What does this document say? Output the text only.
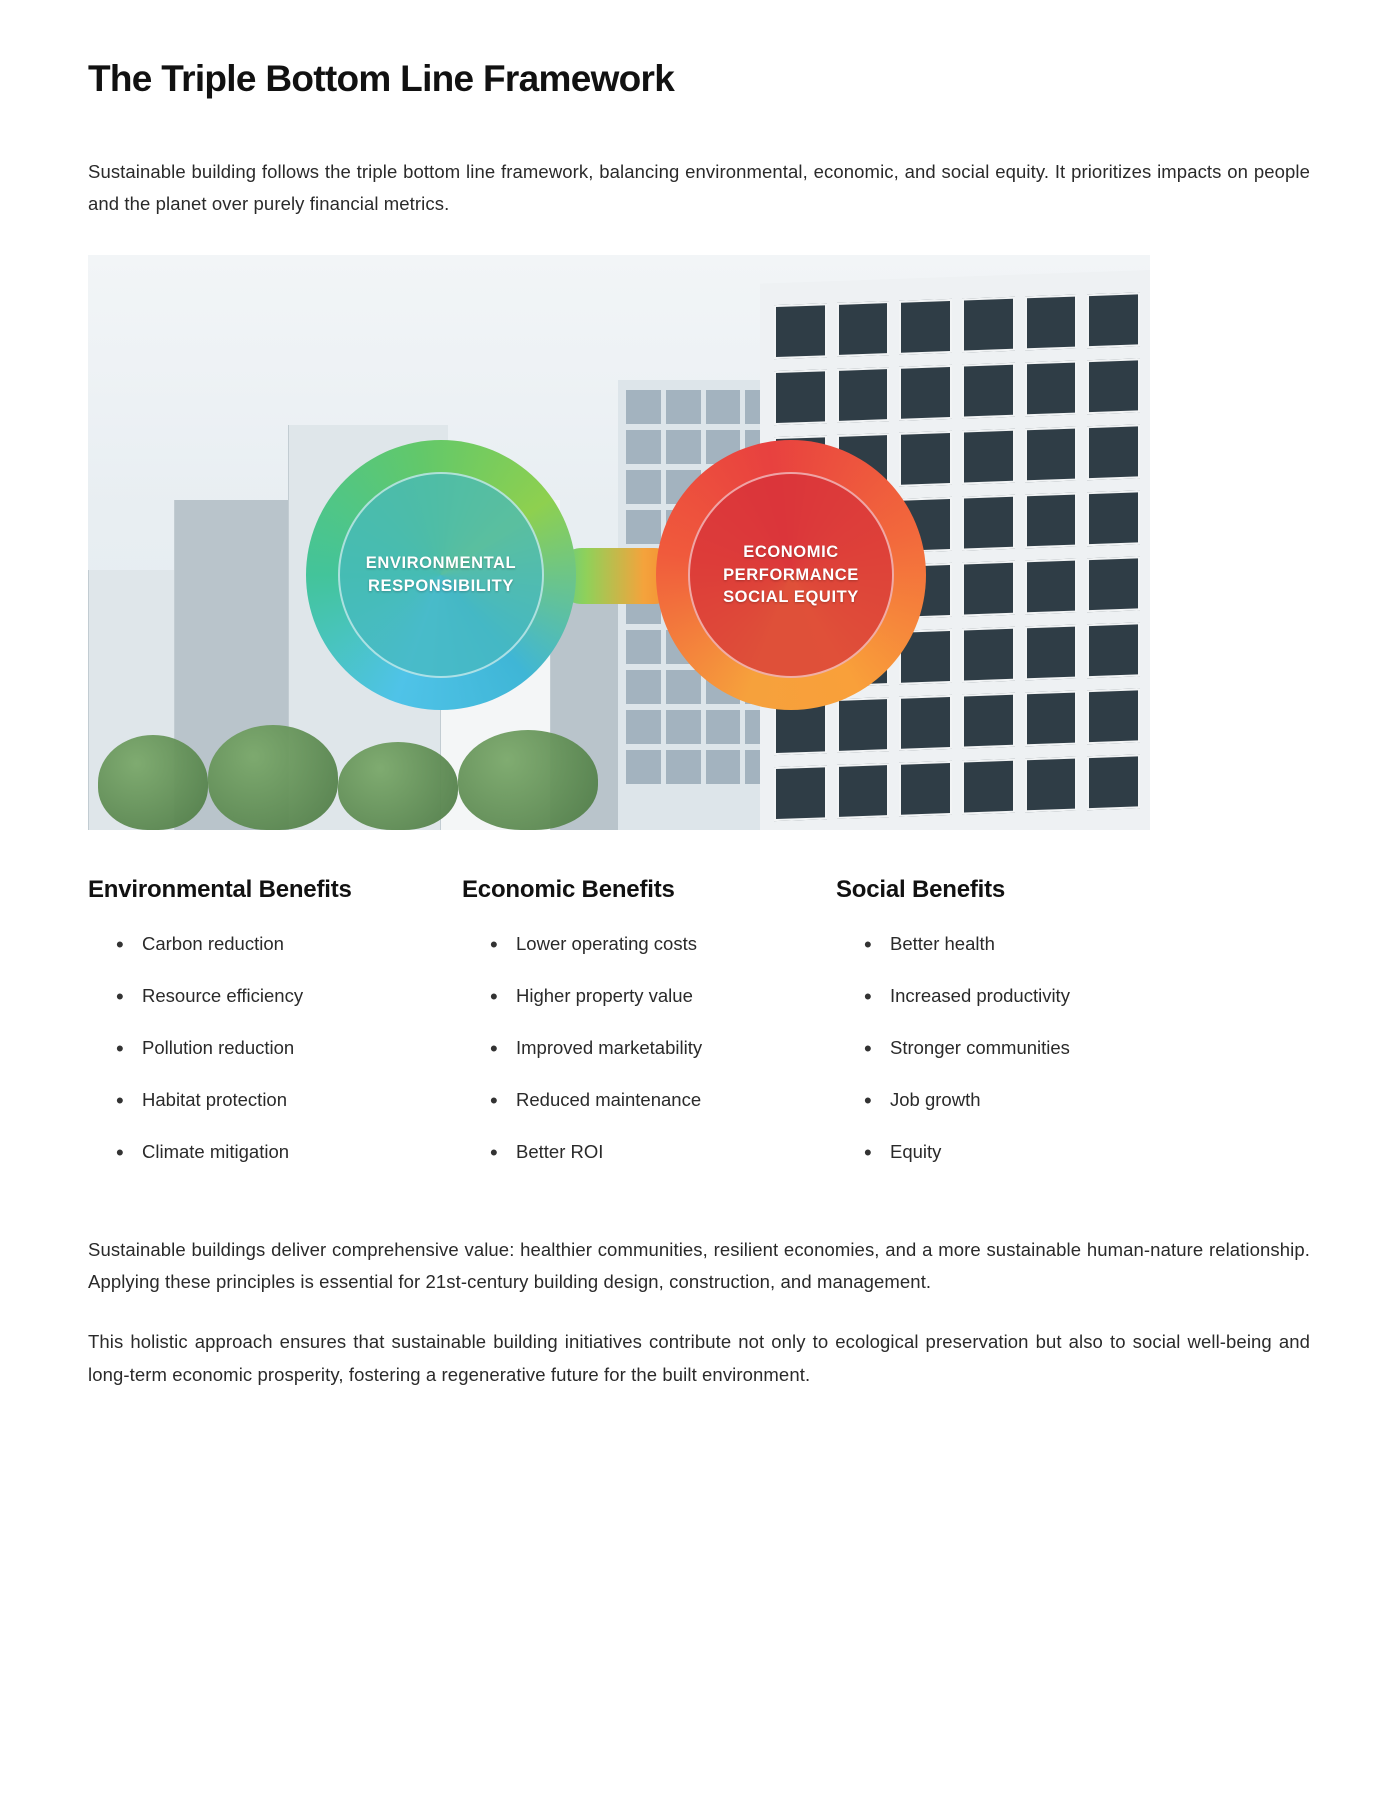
The Triple Bottom Line Framework

Sustainable building follows the triple bottom line framework, balancing environmental, economic, and social equity. It prioritizes impacts on people and the planet over purely financial metrics.

ENVIRONMENTAL
RESPONSIBILITY
ECONOMIC
PERFORMANCE
SOCIAL EQUITY
Environmental Benefits
• Carbon reduction
• Resource efficiency
• Pollution reduction
• Habitat protection
• Climate mitigation
Economic Benefits
• Lower operating costs
• Higher property value
• Improved marketability
• Reduced maintenance
• Better ROI
Social Benefits
• Better health
• Increased productivity
• Stronger communities
• Job growth
• Equity

Sustainable buildings deliver comprehensive value: healthier communities, resilient economies, and a more sustainable human-nature relationship. Applying these principles is essential for 21st-century building design, construction, and management.

This holistic approach ensures that sustainable building initiatives contribute not only to ecological preservation but also to social well-being and long-term economic prosperity, fostering a regenerative future for the built environment.
